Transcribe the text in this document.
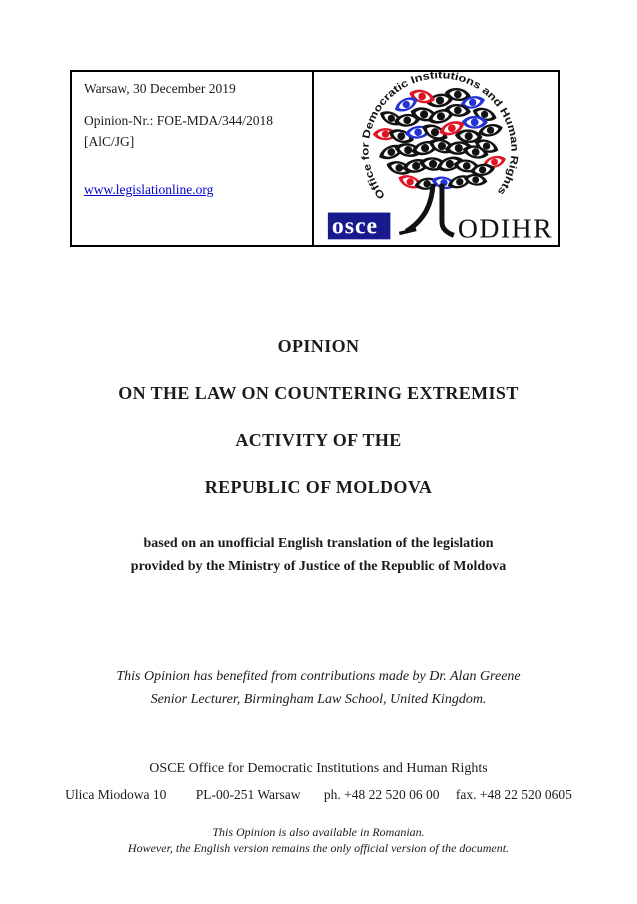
Warsaw, 30 December 2019
Opinion-Nr.: FOE-MDA/344/2018
[AlC/JG]
www.legislationline.org	Office for Democratic Institutions and Human Rights
osce	ODIHR
OPINION
ON THE LAW ON COUNTERING EXTREMIST
ACTIVITY OF THE
REPUBLIC OF MOLDOVA
based on an unofficial English translation of the legislation
provided by the Ministry of Justice of the Republic of Moldova
This Opinion has benefited from contributions made by Dr. Alan Greene
Senior Lecturer, Birmingham Law School, United Kingdom.
OSCE Office for Democratic Institutions and Human Rights
Ulica Miodowa 10 PL-00-251 Warsaw ph. +48 22 520 06 00 fax. +48 22 520 0605
This Opinion is also available in Romanian.
However, the English version remains the only official version of the document.
